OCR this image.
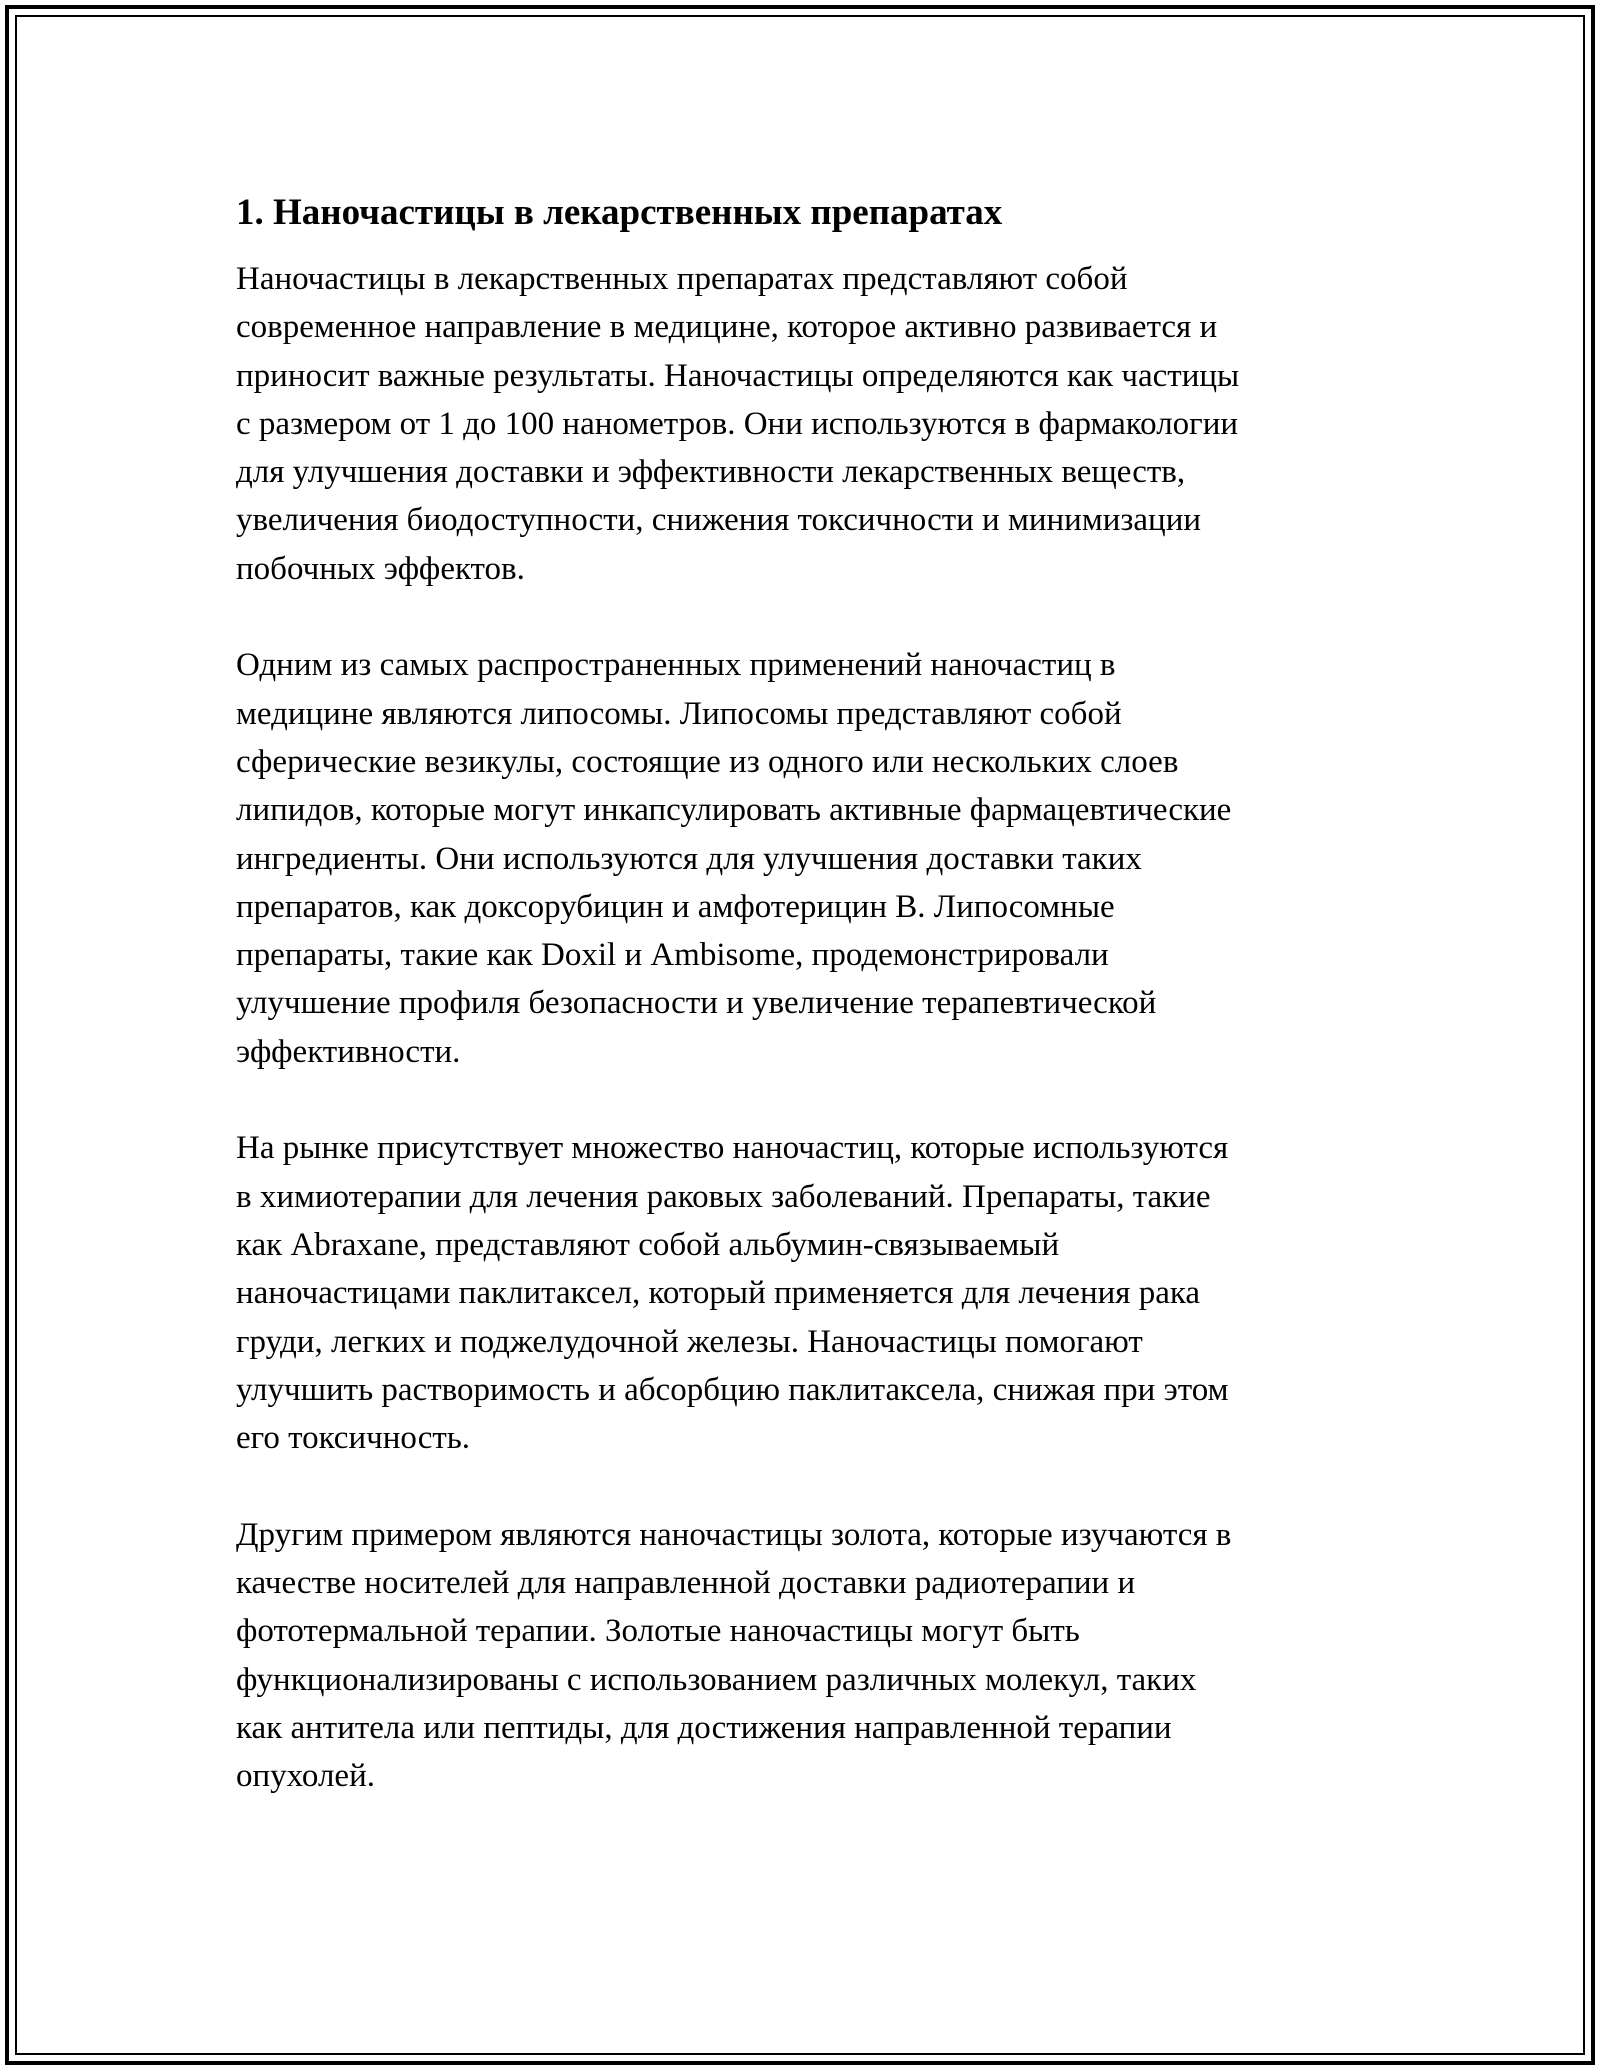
1. Наночастицы в лекарственных препаратах

Наночастицы в лекарственных препаратах представляют собой
современное направление в медицине, которое активно развивается и
приносит важные результаты. Наночастицы определяются как частицы
с размером от 1 до 100 нанометров. Они используются в фармакологии
для улучшения доставки и эффективности лекарственных веществ,
увеличения биодоступности, снижения токсичности и минимизации
побочных эффектов.

Одним из самых распространенных применений наночастиц в
медицине являются липосомы. Липосомы представляют собой
сферические везикулы, состоящие из одного или нескольких слоев
липидов, которые могут инкапсулировать активные фармацевтические
ингредиенты. Они используются для улучшения доставки таких
препаратов, как доксорубицин и амфотерицин B. Липосомные
препараты, такие как Doxil и Ambisome, продемонстрировали
улучшение профиля безопасности и увеличение терапевтической
эффективности.

На рынке присутствует множество наночастиц, которые используются
в химиотерапии для лечения раковых заболеваний. Препараты, такие
как Abraxane, представляют собой альбумин-связываемый
наночастицами паклитаксел, который применяется для лечения рака
груди, легких и поджелудочной железы. Наночастицы помогают
улучшить растворимость и абсорбцию паклитаксела, снижая при этом
его токсичность.

Другим примером являются наночастицы золота, которые изучаются в
качестве носителей для направленной доставки радиотерапии и
фототермальной терапии. Золотые наночастицы могут быть
функционализированы с использованием различных молекул, таких
как антитела или пептиды, для достижения направленной терапии
опухолей.
